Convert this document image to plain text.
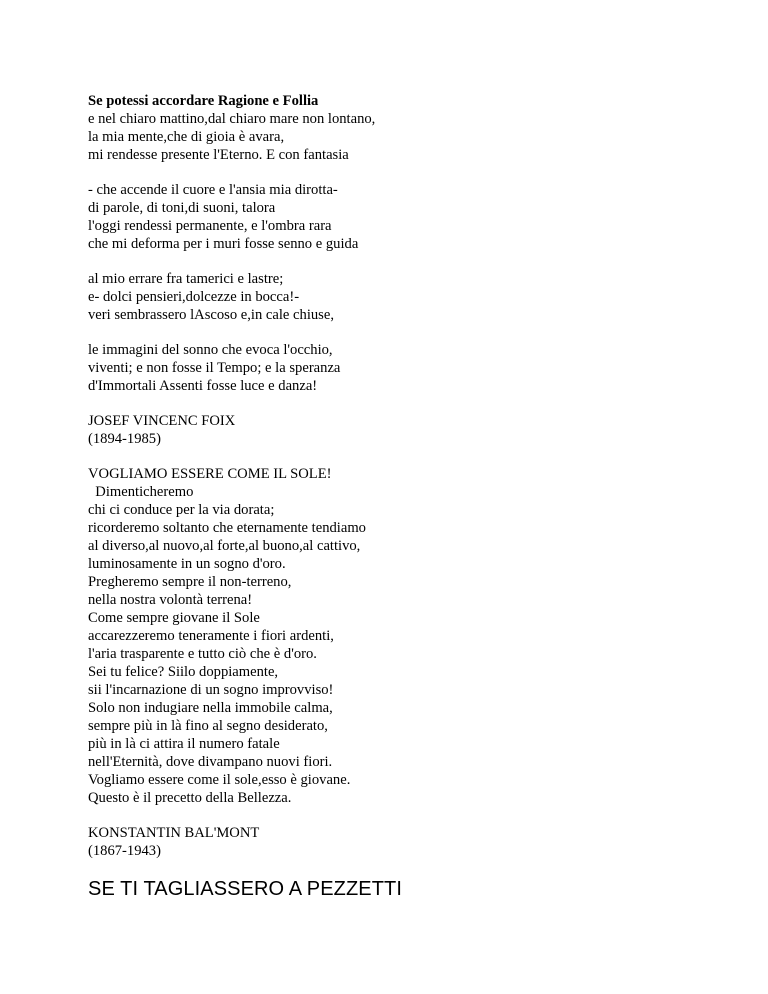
Se potessi accordare Ragione e Follia
e nel chiaro mattino,dal chiaro mare non lontano,
la mia mente,che di gioia è avara,
mi rendesse presente l'Eterno. E con fantasia
- che accende il cuore e l'ansia mia dirotta-
di parole, di toni,di suoni, talora
l'oggi rendessi permanente, e l'ombra rara
che mi deforma per i muri fosse senno e guida
al mio errare fra tamerici e lastre;
e- dolci pensieri,dolcezze in bocca!-
veri sembrassero lAscoso e,in cale chiuse,
le immagini del sonno che evoca l'occhio,
viventi; e non fosse il Tempo; e la speranza
d'Immortali Assenti fosse luce e danza!
JOSEF VINCENC FOIX
(1894-1985)
VOGLIAMO ESSERE COME IL SOLE!
Dimenticheremo
chi ci conduce per la via dorata;
ricorderemo soltanto che eternamente tendiamo
al diverso,al nuovo,al forte,al buono,al cattivo,
luminosamente in un sogno d'oro.
Pregheremo sempre il non-terreno,
nella nostra volontà terrena!
Come sempre giovane il Sole
accarezzeremo teneramente i fiori ardenti,
l'aria trasparente e tutto ciò che è d'oro.
Sei tu felice? Siilo doppiamente,
sii l'incarnazione di un sogno improvviso!
Solo non indugiare nella immobile calma,
sempre più in là fino al segno desiderato,
più in là ci attira il numero fatale
nell'Eternità, dove divampano nuovi fiori.
Vogliamo essere come il sole,esso è giovane.
Questo è il precetto della Bellezza.
KONSTANTIN BAL'MONT
(1867-1943)
SE TI TAGLIASSERO A PEZZETTI
